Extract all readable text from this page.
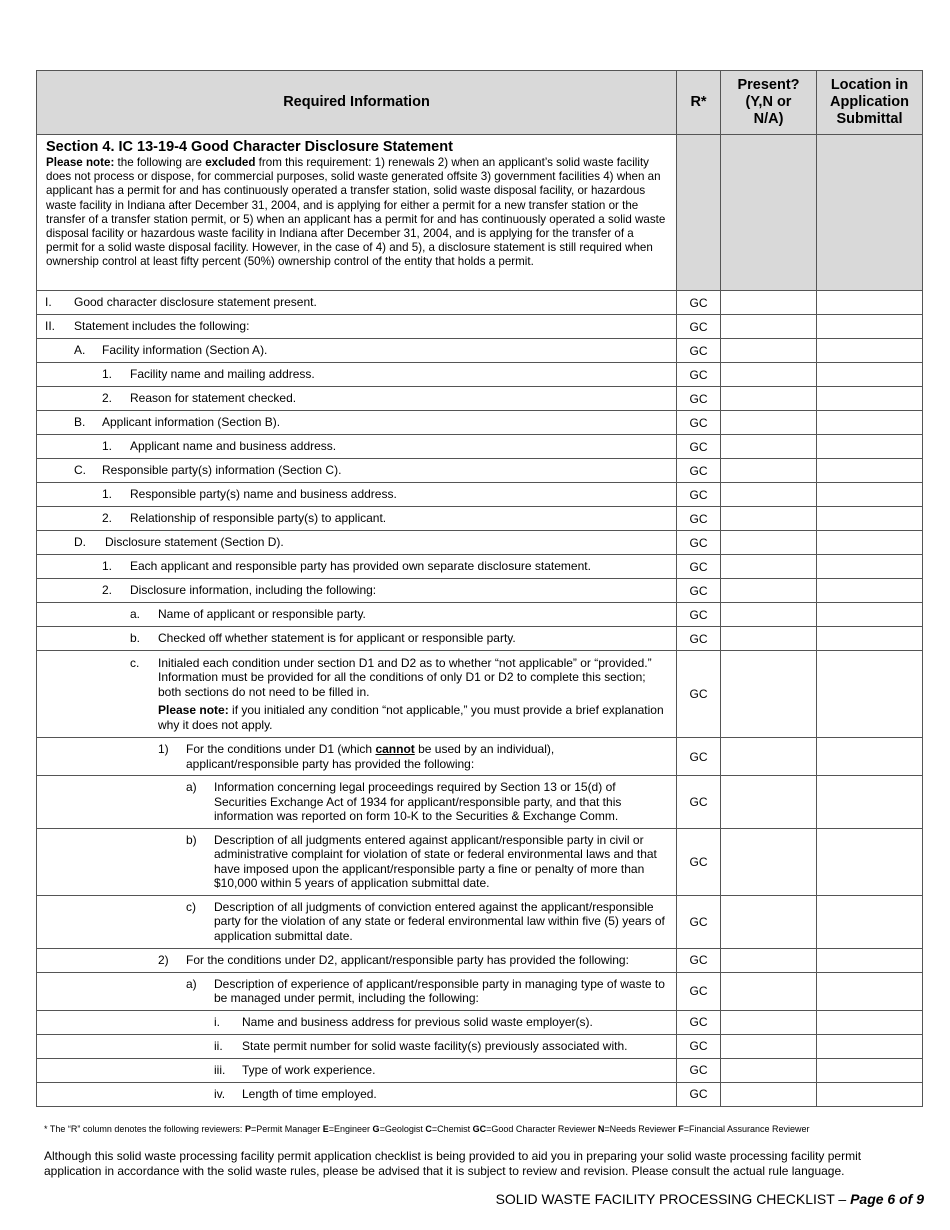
Required Information	R*	Present? (Y,N or N/A)	Location in Application Submittal

Section 4. IC 13-19-4 Good Character Disclosure Statement
Please note: the following are excluded from this requirement: 1) renewals 2) when an applicant’s solid waste facility does not process or dispose, for commercial purposes, solid waste generated offsite 3) government facilities 4) when an applicant has a permit for and has continuously operated a transfer station, solid waste disposal facility, or hazardous waste facility in Indiana after December 31, 2004, and is applying for either a permit for a new transfer station or the transfer of a transfer station permit, or 5) when an applicant has a permit for and has continuously operated a solid waste disposal facility or hazardous waste facility in Indiana after December 31, 2004, and is applying for the transfer of a permit for a solid waste disposal facility. However, in the case of 4) and 5), a disclosure statement is still required when ownership control at least fifty percent (50%) ownership control of the entity that holds a permit.			

I. Good character disclosure statement present.	GC		

II. Statement includes the following:	GC		

A. Facility information (Section A).	GC		

1. Facility name and mailing address.	GC		

2. Reason for statement checked.	GC		

B. Applicant information (Section B).	GC		

1. Applicant name and business address.	GC		

C. Responsible party(s) information (Section C).	GC		

1. Responsible party(s) name and business address.	GC		

2. Relationship of responsible party(s) to applicant.	GC		

D. Disclosure statement (Section D).	GC		

1. Each applicant and responsible party has provided own separate disclosure statement.	GC		

2. Disclosure information, including the following:	GC		

a. Name of applicant or responsible party.	GC		

b. Checked off whether statement is for applicant or responsible party.	GC		

c. Initialed each condition under section D1 and D2 as to whether “not applicable” or “provided.” Information must be provided for all the conditions of only D1 or D2 to complete this section; both sections do not need to be filled in.
Please note: if you initialed any condition “not applicable,” you must provide a brief explanation why it does not apply.	GC		

1) For the conditions under D1 (which cannot be used by an individual), applicant/responsible party has provided the following:	GC		

a) Information concerning legal proceedings required by Section 13 or 15(d) of Securities Exchange Act of 1934 for applicant/responsible party, and that this information was reported on form 10-K to the Securities & Exchange Comm.	GC		

b) Description of all judgments entered against applicant/responsible party in civil or administrative complaint for violation of state or federal environmental laws and that have imposed upon the applicant/responsible party a fine or penalty of more than $10,000 within 5 years of application submittal date.	GC		

c) Description of all judgments of conviction entered against the applicant/responsible party for the violation of any state or federal environmental law within five (5) years of application submittal date.	GC		

2) For the conditions under D2, applicant/responsible party has provided the following:	GC		

a) Description of experience of applicant/responsible party in managing type of waste to be managed under permit, including the following:	GC		

i. Name and business address for previous solid waste employer(s).	GC		

ii. State permit number for solid waste facility(s) previously associated with.	GC		

iii. Type of work experience.	GC		

iv. Length of time employed.	GC		
* The “R” column denotes the following reviewers: P=Permit Manager E=Engineer G=Geologist C=Chemist GC=Good Character Reviewer N=Needs Reviewer F=Financial Assurance Reviewer
Although this solid waste processing facility permit application checklist is being provided to aid you in preparing your solid waste processing facility permit application in accordance with the solid waste rules, please be advised that it is subject to review and revision. Please consult the actual rule language.
SOLID WASTE FACILITY PROCESSING CHECKLIST – Page 6 of 9
